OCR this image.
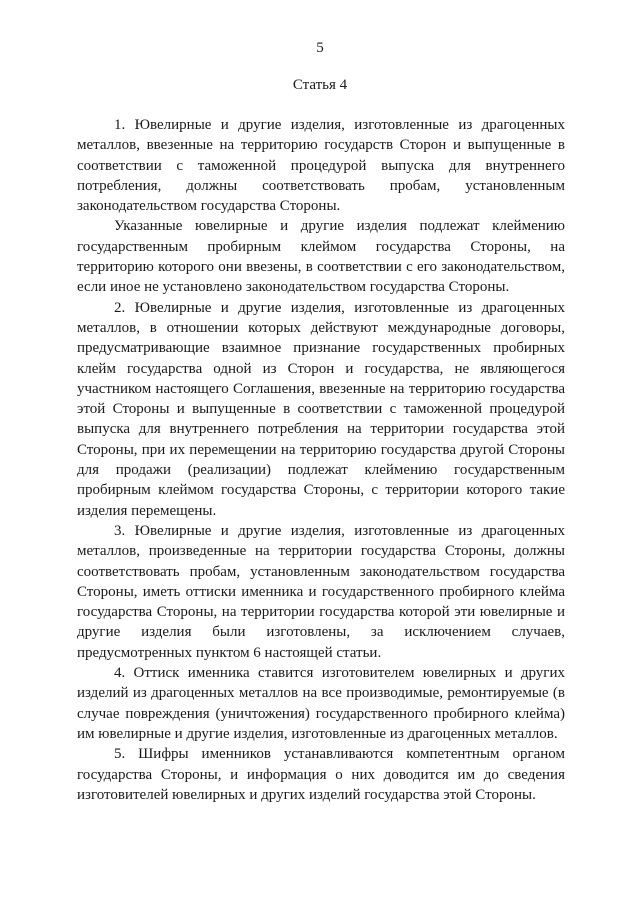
5
Статья 4

1. Ювелирные и другие изделия, изготовленные из драгоценных металлов, ввезенные на территорию государств Сторон и выпущенные в соответствии с таможенной процедурой выпуска для внутреннего потребления, должны соответствовать пробам, установленным законодательством государства Стороны.

Указанные ювелирные и другие изделия подлежат клеймению государственным пробирным клеймом государства Стороны, на территорию которого они ввезены, в соответствии с его законодательством, если иное не установлено законодательством государства Стороны.

2. Ювелирные и другие изделия, изготовленные из драгоценных металлов, в отношении которых действуют международные договоры, предусматривающие взаимное признание государственных пробирных клейм государства одной из Сторон и государства, не являющегося участником настоящего Соглашения, ввезенные на территорию государства этой Стороны и выпущенные в соответствии с таможенной процедурой выпуска для внутреннего потребления на территории государства этой Стороны, при их перемещении на территорию государства другой Стороны для продажи (реализации) подлежат клеймению государственным пробирным клеймом государства Стороны, с территории которого такие изделия перемещены.

3. Ювелирные и другие изделия, изготовленные из драгоценных металлов, произведенные на территории государства Стороны, должны соответствовать пробам, установленным законодательством государства Стороны, иметь оттиски именника и государственного пробирного клейма государства Стороны, на территории государства которой эти ювелирные и другие изделия были изготовлены, за исключением случаев, предусмотренных пунктом 6 настоящей статьи.

4. Оттиск именника ставится изготовителем ювелирных и других изделий из драгоценных металлов на все производимые, ремонтируемые (в случае повреждения (уничтожения) государственного пробирного клейма) им ювелирные и другие изделия, изготовленные из драгоценных металлов.

5. Шифры именников устанавливаются компетентным органом государства Стороны, и информация о них доводится им до сведения изготовителей ювелирных и других изделий государства этой Стороны.
